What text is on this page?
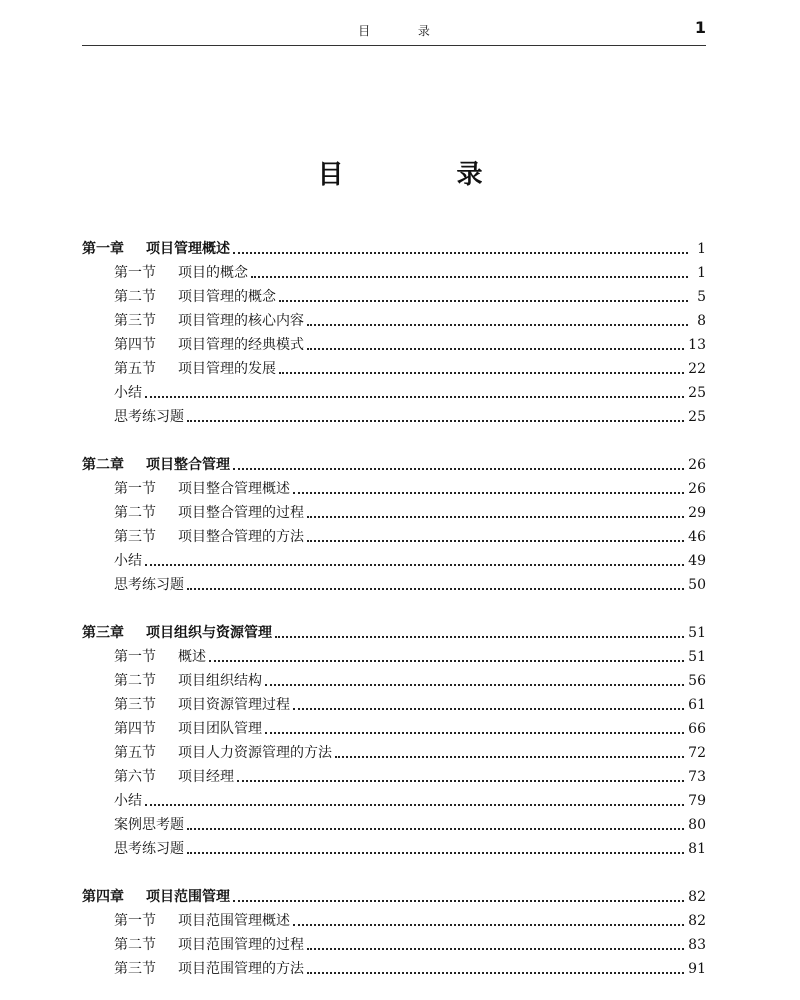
目 录	1
目 录
第一章 项目管理概述	1
第一节 项目的概念	1
第二节 项目管理的概念	5
第三节 项目管理的核心内容	8
第四节 项目管理的经典模式	13
第五节 项目管理的发展	22
小结	25
思考练习题	25
第二章 项目整合管理	26
第一节 项目整合管理概述	26
第二节 项目整合管理的过程	29
第三节 项目整合管理的方法	46
小结	49
思考练习题	50
第三章 项目组织与资源管理	51
第一节 概述	51
第二节 项目组织结构	56
第三节 项目资源管理过程	61
第四节 项目团队管理	66
第五节 项目人力资源管理的方法	72
第六节 项目经理	73
小结	79
案例思考题	80
思考练习题	81
第四章 项目范围管理	82
第一节 项目范围管理概述	82
第二节 项目范围管理的过程	83
第三节 项目范围管理的方法	91
